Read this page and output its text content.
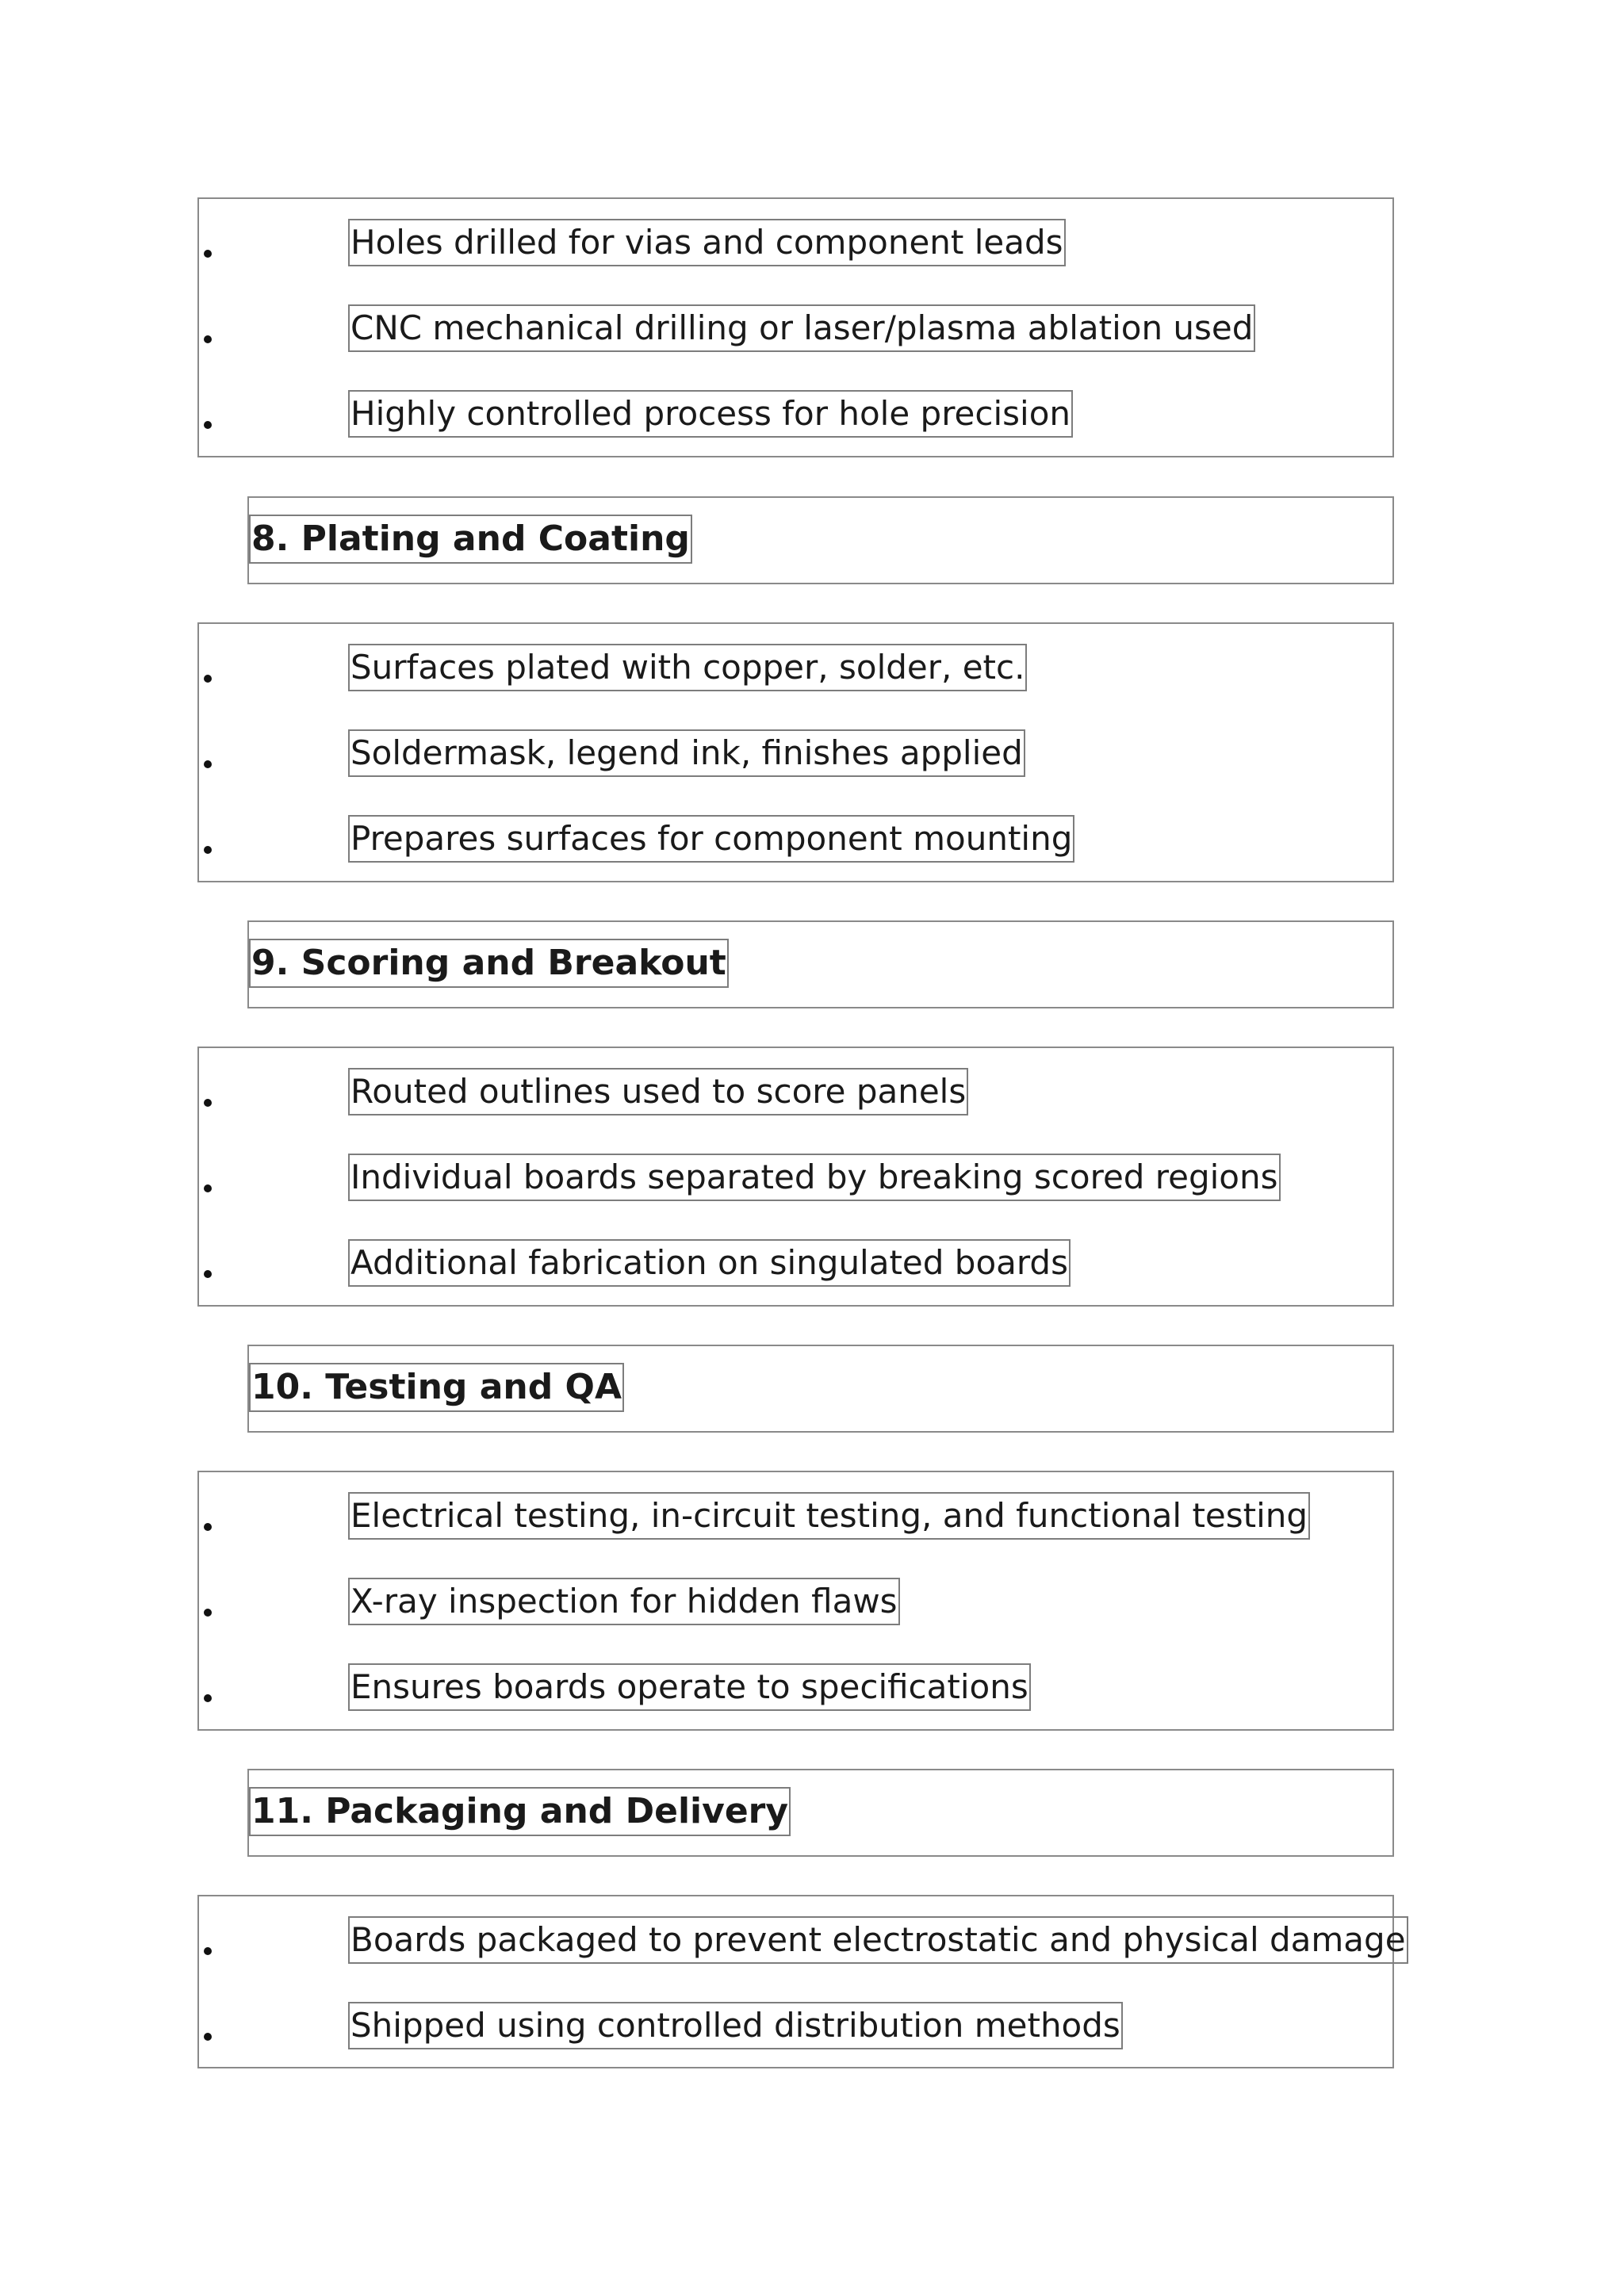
Holes drilled for vias and component leads
CNC mechanical drilling or laser/plasma ablation used
Highly controlled process for hole precision
8. Plating and Coating
Surfaces plated with copper, solder, etc.
Soldermask, legend ink, finishes applied
Prepares surfaces for component mounting
9. Scoring and Breakout
Routed outlines used to score panels
Individual boards separated by breaking scored regions
Additional fabrication on singulated boards
10. Testing and QA
Electrical testing, in-circuit testing, and functional testing
X-ray inspection for hidden flaws
Ensures boards operate to specifications
11. Packaging and Delivery
Boards packaged to prevent electrostatic and physical damage
Shipped using controlled distribution methods
